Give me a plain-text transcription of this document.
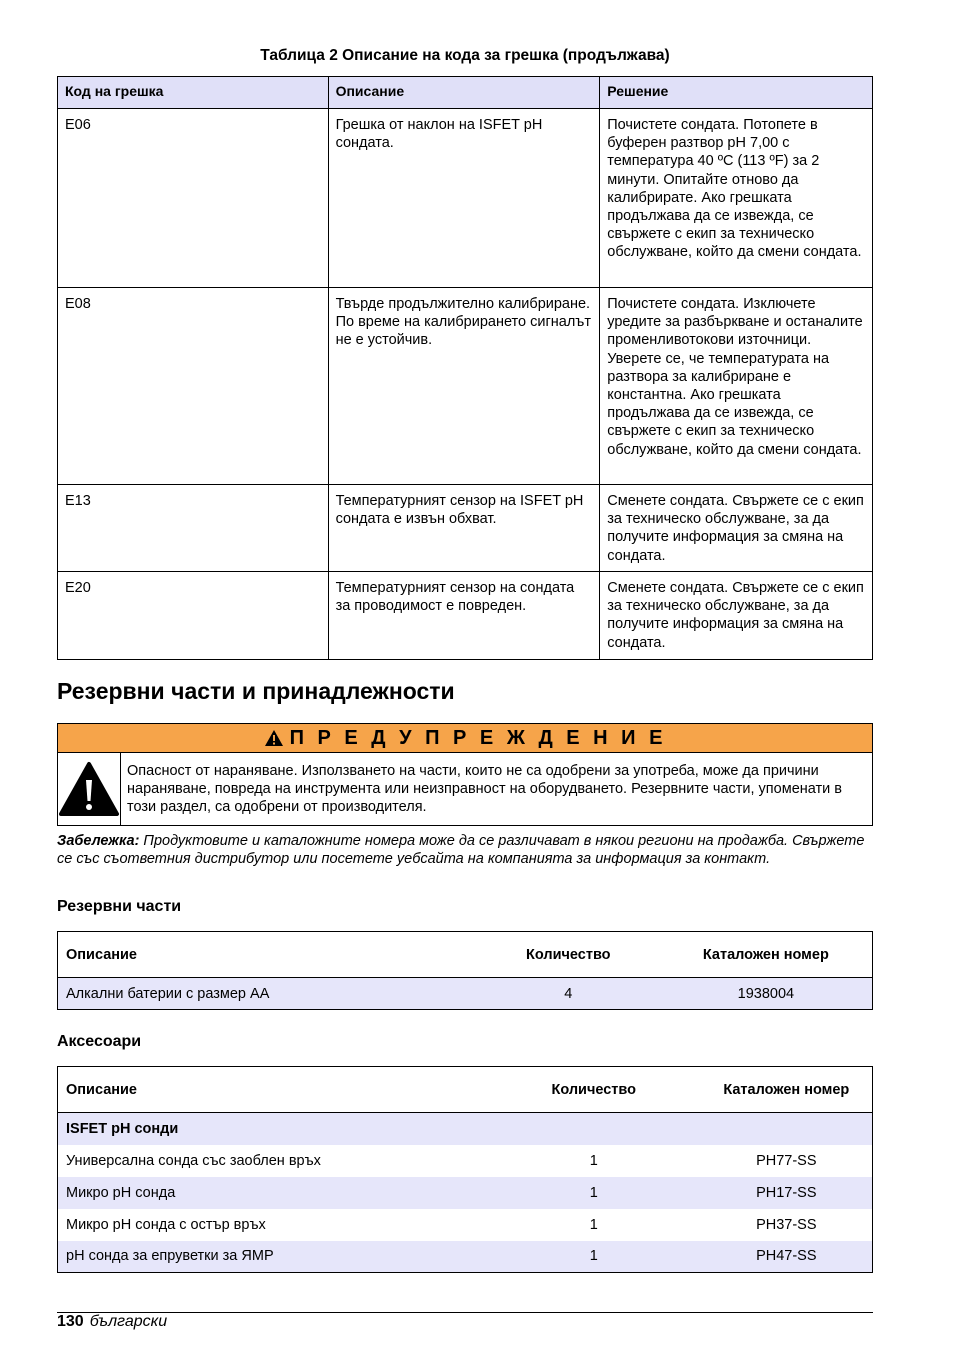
Таблица 2 Описание на кода за грешка (продължава)
Код на грешка	Описание	Решение
E06	Грешка от наклон на ISFET pH сондата.	Почистете сондата. Потопете в буферен разтвор pH 7,00 с температура 40 ºC (113 ºF) за 2 минути. Опитайте отново да калибрирате. Ако грешката продължава да се извежда, се свържете с екип за техническо обслужване, който да смени сондата.
E08	Твърде продължително калибриране. По време на калибрирането сигналът не е устойчив.	Почистете сондата. Изключете уредите за разбъркване и останалите променливотокови източници. Уверете се, че температурата на разтвора за калибриране е константна. Ако грешката продължава да се извежда, се свържете с екип за техническо обслужване, който да смени сондата.
E13	Температурният сензор на ISFET pH сондата е извън обхват.	Сменете сондата. Свържете се с екип за техническо обслужване, за да получите информация за смяна на сондата.
E20	Температурният сензор на сондата за проводимост е повреден.	Сменете сондата. Свържете се с екип за техническо обслужване, за да получите информация за смяна на сондата.
Резервни части и принадлежности
П Р Е Д У П Р Е Ж Д Е Н И Е
Опасност от нараняване. Използването на части, които не са одобрени за употреба, може да причини нараняване, повреда на инструмента или неизправност на оборудването. Резервните части, упоменати в този раздел, са одобрени от производителя.
Забележка: Продуктовите и каталожните номера може да се различават в някои региони на продажба. Свържете се със съответния дистрибутор или посетете уебсайта на компанията за информация за контакт.
Резервни части
Описание	Количество	Каталожен номер
Алкални батерии с размер АА	4	1938004
Аксесоари
Описание	Количество	Каталожен номер
ISFET pH сонди		
Универсална сонда със заоблен връх	1	PH77-SS
Микро pH сонда	1	PH17-SS
Микро pH сонда с остър връх	1	PH37-SS
pH сонда за епруветки за ЯМР	1	PH47-SS
130 български
